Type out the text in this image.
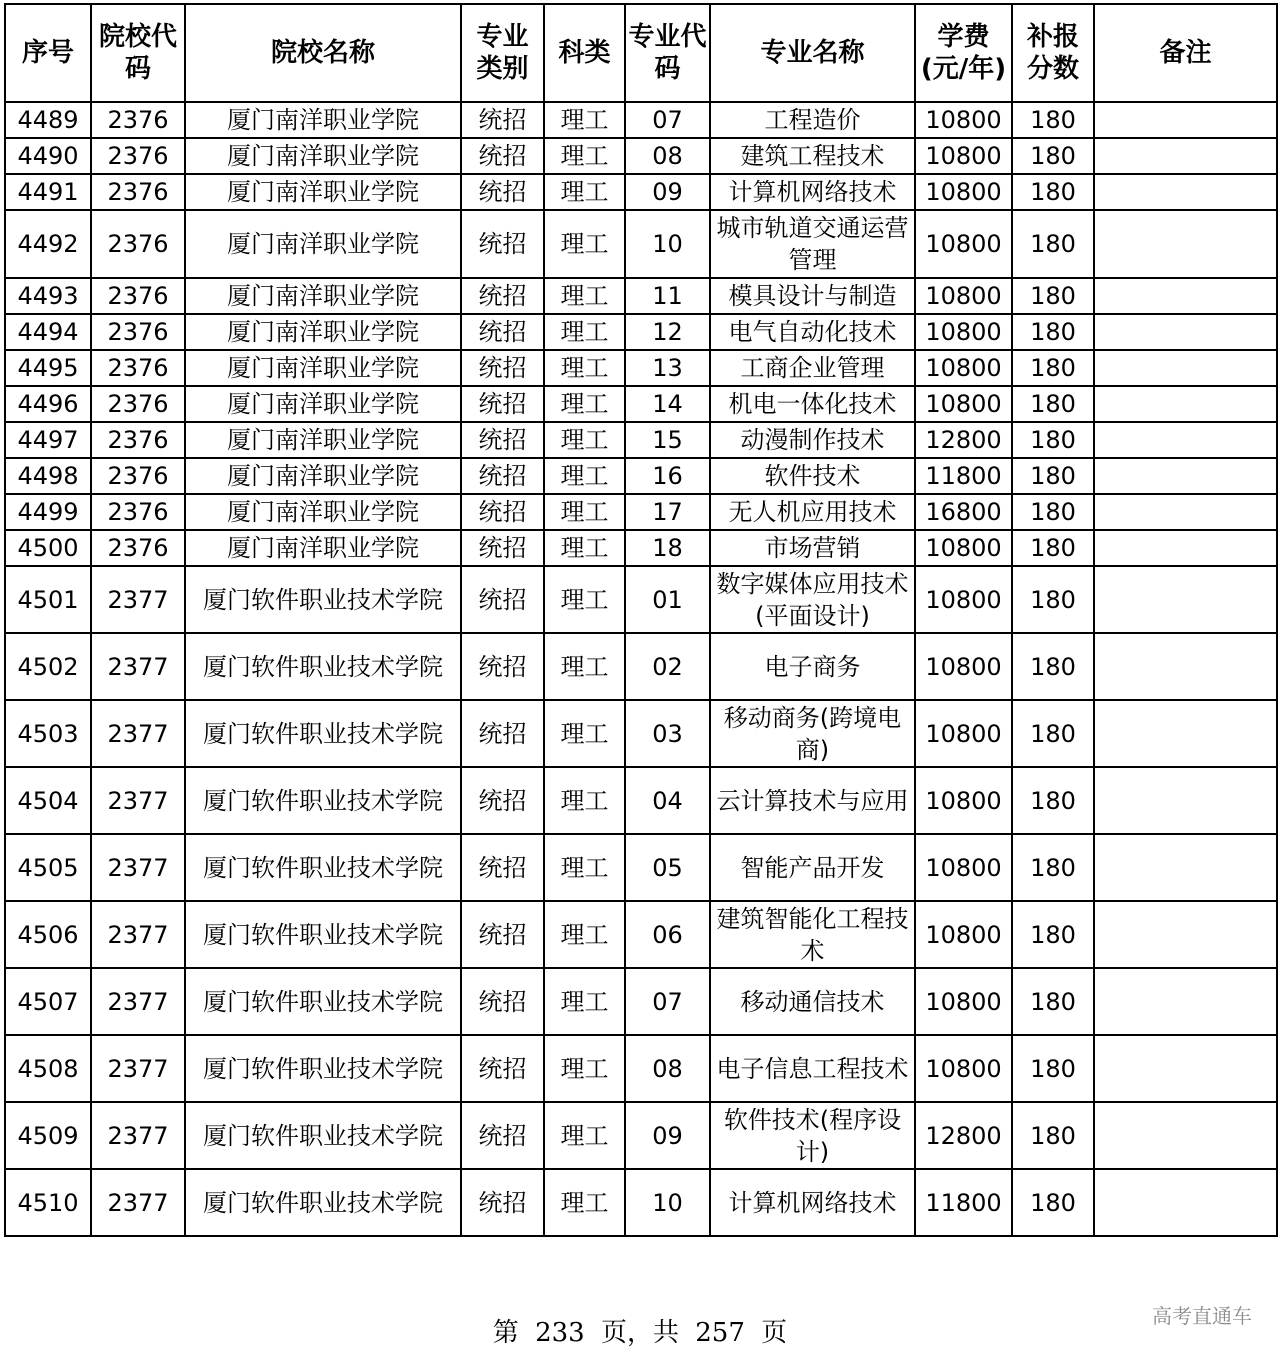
序号	院校代码	院校名称	专业类别	科类	专业代码	专业名称	学费(元/年)	补报分数	备注
4489	2376	厦门南洋职业学院	统招	理工	07	工程造价	10800	180	
4490	2376	厦门南洋职业学院	统招	理工	08	建筑工程技术	10800	180	
4491	2376	厦门南洋职业学院	统招	理工	09	计算机网络技术	10800	180	
4492	2376	厦门南洋职业学院	统招	理工	10	城市轨道交通运营管理	10800	180	
4493	2376	厦门南洋职业学院	统招	理工	11	模具设计与制造	10800	180	
4494	2376	厦门南洋职业学院	统招	理工	12	电气自动化技术	10800	180	
4495	2376	厦门南洋职业学院	统招	理工	13	工商企业管理	10800	180	
4496	2376	厦门南洋职业学院	统招	理工	14	机电一体化技术	10800	180	
4497	2376	厦门南洋职业学院	统招	理工	15	动漫制作技术	12800	180	
4498	2376	厦门南洋职业学院	统招	理工	16	软件技术	11800	180	
4499	2376	厦门南洋职业学院	统招	理工	17	无人机应用技术	16800	180	
4500	2376	厦门南洋职业学院	统招	理工	18	市场营销	10800	180	
4501	2377	厦门软件职业技术学院	统招	理工	01	数字媒体应用技术(平面设计)	10800	180	
4502	2377	厦门软件职业技术学院	统招	理工	02	电子商务	10800	180	
4503	2377	厦门软件职业技术学院	统招	理工	03	移动商务(跨境电商)	10800	180	
4504	2377	厦门软件职业技术学院	统招	理工	04	云计算技术与应用	10800	180	
4505	2377	厦门软件职业技术学院	统招	理工	05	智能产品开发	10800	180	
4506	2377	厦门软件职业技术学院	统招	理工	06	建筑智能化工程技术	10800	180	
4507	2377	厦门软件职业技术学院	统招	理工	07	移动通信技术	10800	180	
4508	2377	厦门软件职业技术学院	统招	理工	08	电子信息工程技术	10800	180	
4509	2377	厦门软件职业技术学院	统招	理工	09	软件技术(程序设计)	12800	180	
4510	2377	厦门软件职业技术学院	统招	理工	10	计算机网络技术	11800	180	
第 233 页，共 257 页
高考直通车
